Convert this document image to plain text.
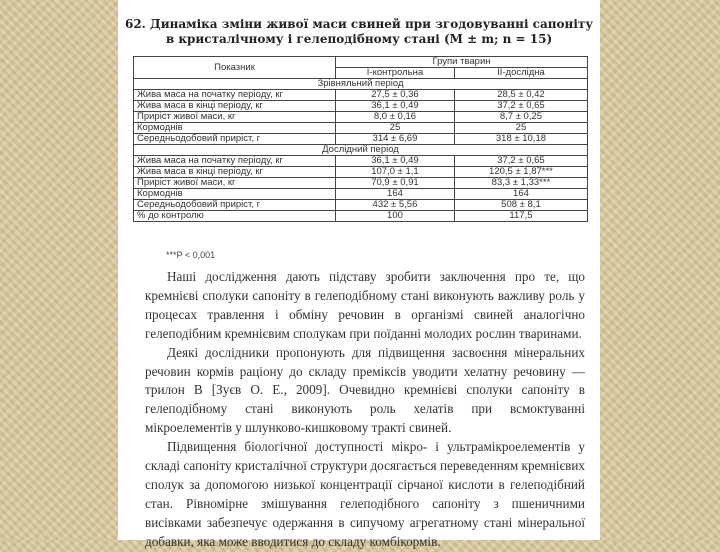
62. Динаміка зміни живої маси свиней при згодовуванні сапоніту
в кристалічному і гелеподібному стані (M ± m; n = 15)
Показник	Групи тварин	
	І-контрольна	ІІ-дослідна
Зрівняльний період		
Жива маса на початку періоду, кг	27,5 ± 0,36	28,5 ± 0,42
Жива маса в кінці періоду, кг	36,1 ± 0,49	37,2 ± 0,65
Приріст живої маси, кг	8,0 ± 0,16	8,7 ± 0,25
Кормоднів	25	25
Середньодобовий приріст, г	314 ± 6,69	318 ± 10,18
Дослідний період		
Жива маса на початку періоду, кг	36,1 ± 0,49	37,2 ± 0,65
Жива маса в кінці періоду, кг	107,0 ± 1,1	120,5 ± 1,87***
Приріст живої маси, кг	70,9 ± 0,91	83,3 ± 1,33***
Кормоднів	164	164
Середньодобовий приріст, г	432 ± 5,56	508 ± 8,1
% до контролю	100	117,5
***P < 0,001

Наші дослідження дають підставу зробити заключення про те, що кремнієві сполуки сапоніту в гелеподібному стані виконують важливу роль у процесах травлення і обміну речовин в організмі свиней аналогічно гелеподібним кремнієвим сполукам при поїданні молодих рослин тваринами.

Деякі дослідники пропонують для підвищення засвоєння мінеральних речовин кормів раціону до складу преміксів уводити хелатну речовину — трилон В [Зуєв О. Е., 2009]. Очевидно кремнієві сполуки сапоніту в гелеподібному стані виконують роль хелатів при всмоктуванні мікроелементів у шлунково-кишковому тракті свиней.

Підвищення біологічної доступності мікро- і ультрамікроелементів у складі сапоніту кристалічної структури досягається переведенням кремнієвих сполук за допомогою низької концентрації сірчаної кислоти в гелеподібний стан. Рівномірне змішування гелеподібного сапоніту з пшеничними висівками забезпечує одержання в сипучому агрегатному стані мінеральної добавки, яка може вводитися до складу комбікормів.
